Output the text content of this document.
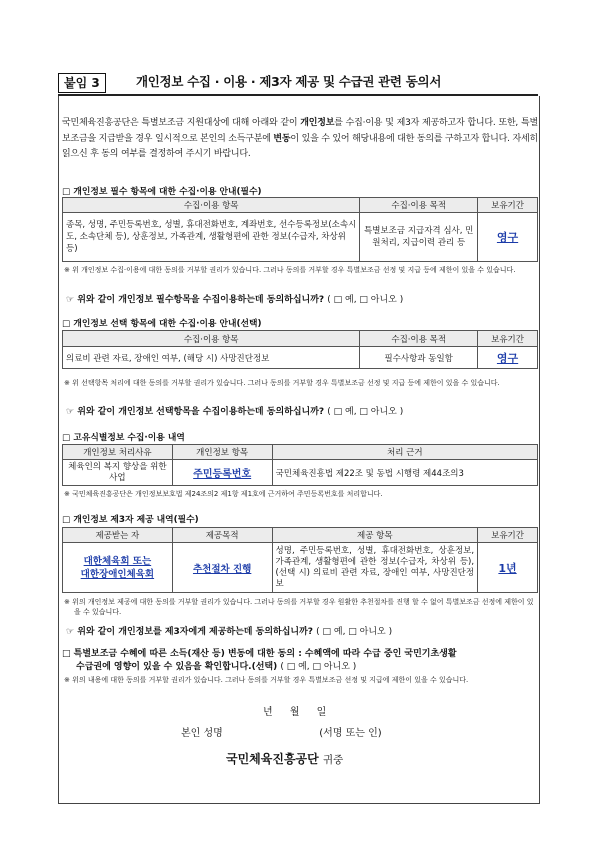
붙임 3	개인정보 수집 · 이용 · 제3자 제공 및 수급권 관련 동의서
국민체육진흥공단은 특별보조금 지원대상에 대해 아래와 같이 개인정보를 수집·이용 및 제3자 제공하고자 합니다. 또한, 특별보조금을 지급받을 경우 일시적으로 본인의 소득구분에 변동이 있을 수 있어 해당내용에 대한 동의를 구하고자 합니다. 자세히 읽으신 후 동의 여부를 결정하여 주시기 바랍니다.
□ 개인정보 필수 항목에 대한 수집·이용 안내(필수)
수집·이용 항목	수집·이용 목적	보유기간
종목, 성명, 주민등록번호, 성별, 휴대전화번호, 계좌번호, 선수등록정보(소속시도, 소속단체 등), 상훈정보, 가족관계, 생활형편에 관한 정보(수급자, 차상위 등)	특별보조금 지급자격 심사, 민원처리, 지급이력 관리 등	영구
※ 위 개인정보 수집·이용에 대한 동의를 거부할 권리가 있습니다. 그러나 동의를 거부할 경우 특별보조금 선정 및 지급 등에 제한이 있을 수 있습니다.
☞ 위와 같이 개인정보 필수항목을 수집이용하는데 동의하십니까? ( □ 예, □ 아니오 )
□ 개인정보 선택 항목에 대한 수집·이용 안내(선택)
수집·이용 항목	수집·이용 목적	보유기간
의료비 관련 자료, 장애인 여부, (해당 시) 사망진단정보	필수사항과 동일함	영구
※ 위 선택항목 처리에 대한 동의를 거부할 권리가 있습니다. 그러나 동의를 거부할 경우 특별보조금 선정 및 지급 등에 제한이 있을 수 있습니다.
☞ 위와 같이 개인정보 선택항목을 수집이용하는데 동의하십니까? ( □ 예, □ 아니오 )
□ 고유식별정보 수집·이용 내역
개인정보 처리사유	개인정보 항목	처리 근거
체육인의 복지 향상을 위한 사업	주민등록번호	국민체육진흥법 제22조 및 동법 시행령 제44조의3
※ 국민체육진흥공단은 개인정보보호법 제24조의2 제1항 제1호에 근거하여 주민등록번호를 처리합니다.
□ 개인정보 제3자 제공 내역(필수)
제공받는 자	제공목적	제공 항목	보유기간

대한체육회 또는
대한장애인체육회	추천절차 진행	성명, 주민등록번호, 성별, 휴대전화번호, 상훈정보, 가족관계, 생활형편에 관한 정보(수급자, 차상위 등), (선택 시) 의료비 관련 자료, 장애인 여부, 사망진단정보	1년
※ 위의 개인정보 제공에 대한 동의를 거부할 권리가 있습니다. 그러나 동의를 거부할 경우 원활한 추천절차를 진행 할 수 없어 특별보조금 선정에 제한이 있을 수 있습니다.
☞ 위와 같이 개인정보를 제3자에게 제공하는데 동의하십니까? ( □ 예, □ 아니오 )
□ 특별보조금 수혜에 따른 소득(재산 등) 변동에 대한 동의 : 수혜액에 따라 수급 중인 국민기초생활
수급권에 영향이 있을 수 있음을 확인합니다.(선택) ( □ 예, □ 아니오 )
※ 위의 내용에 대한 동의를 거부할 권리가 있습니다. 그러나 동의를 거부할 경우 특별보조금 선정 및 지급에 제한이 있을 수 있습니다.
년 월 일
본인 성명	(서명 또는 인)
국민체육진흥공단 귀중
